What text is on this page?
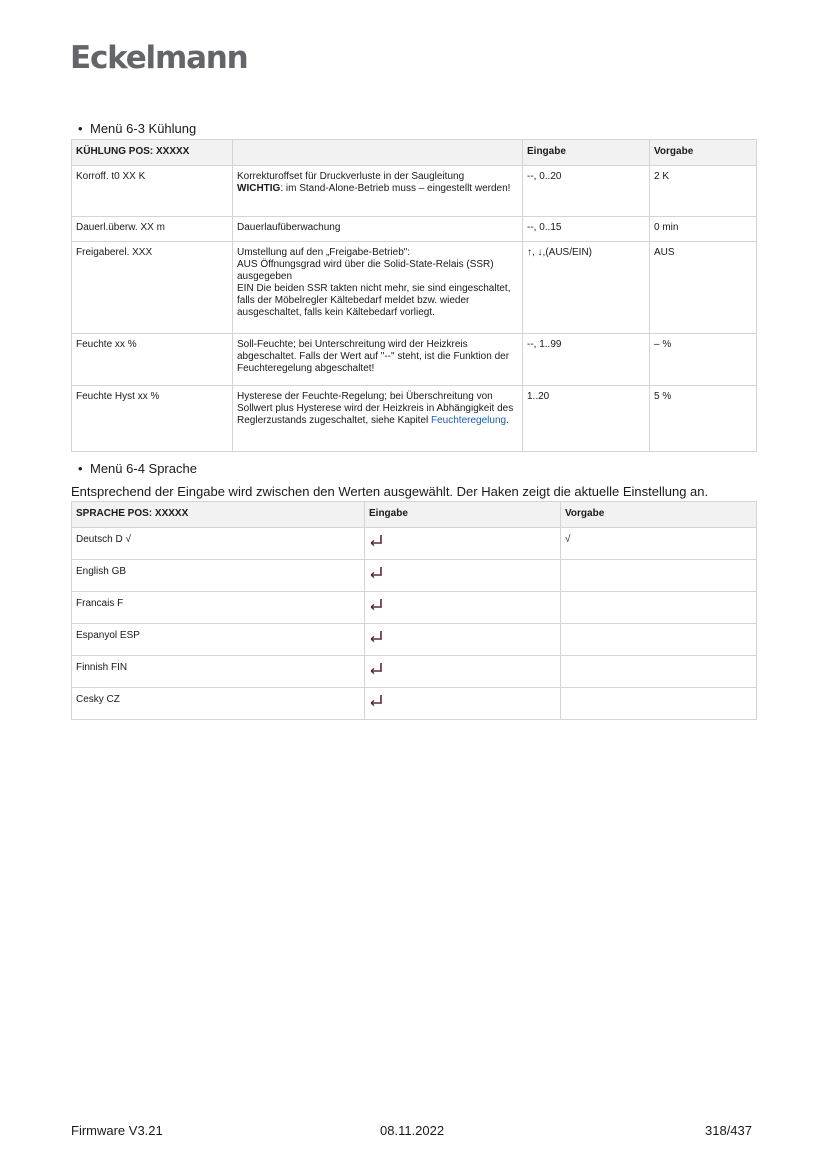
Eckelmann
• Menü 6-3 Kühlung
KÜHLUNG POS: XXXXX		Eingabe	Vorgabe
Korroff. t0 XX K	Korrekturoffset für Druckverluste in der Saugleitung
WICHTIG: im Stand-Alone-Betrieb muss – eingestellt werden!	--, 0..20	2 K
Dauerl.überw. XX m	Dauerlaufüberwachung	--, 0..15	0 min
Freigaberel. XXX	Umstellung auf den „Freigabe-Betrieb":
AUS Öffnungsgrad wird über die Solid-State-Relais (SSR) ausgegeben
EIN Die beiden SSR takten nicht mehr, sie sind eingeschaltet, falls der Möbelregler Kältebedarf meldet bzw. wieder ausgeschaltet, falls kein Kältebedarf vorliegt.	↑, ↓,(AUS/EIN)	AUS
Feuchte xx %	Soll-Feuchte; bei Unterschreitung wird der Heizkreis abgeschaltet. Falls der Wert auf "--" steht, ist die Funktion der Feuchteregelung abgeschaltet!	--, 1..99	– %
Feuchte Hyst xx %	Hysterese der Feuchte-Regelung; bei Überschreitung von Sollwert plus Hysterese wird der Heizkreis in Abhängigkeit des Reglerzustands zugeschaltet, siehe Kapitel Feuchteregelung.	1..20	5 %
• Menü 6-4 Sprache
Entsprechend der Eingabe wird zwischen den Werten ausgewählt. Der Haken zeigt die aktuelle Einstellung an.
SPRACHE POS: XXXXX	Eingabe	Vorgabe
Deutsch D √		√
English GB		
Francais F		
Espanyol ESP		
Finnish FIN		
Cesky CZ		
Firmware V3.21	08.11.2022	318/437
